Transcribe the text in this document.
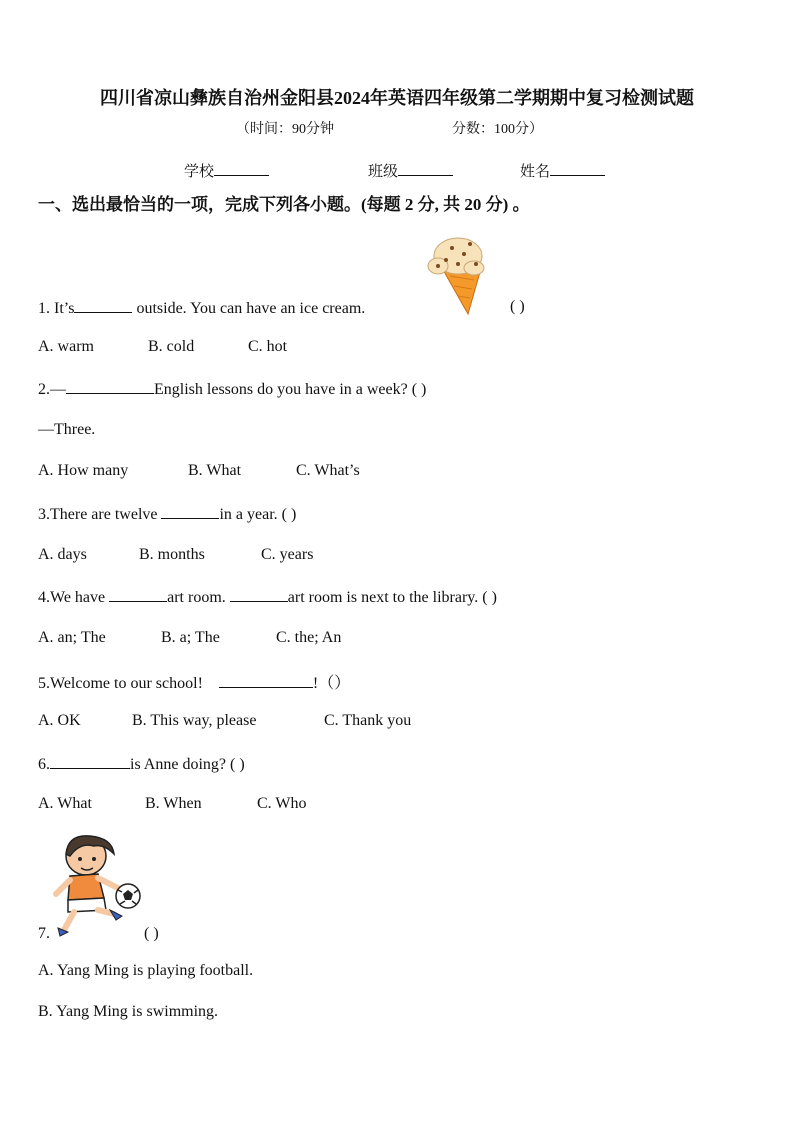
四川省凉山彝族自治州金阳县2024年英语四年级第二学期期中复习检测试题
（时间：90分钟	分数：100分）
学校	班级	姓名
一、选出最恰当的一项，完成下列各小题。(每题 2 分, 共 20 分) 。
1. It’s	outside. You can have an ice cream.	( )
A. warm	B. cold	C. hot
2.—	English lessons do you have in a week? ( )
—Three.
A. How many	B. What	C. What’s
3.There are twelve	in a year. ( )
A. days	B. months	C. years
4.We have	art room.	art room is next to the library. ( )
A. an; The	B. a; The	C. the; An
5.Welcome to our school!	!（）
A. OK	B. This way, please	C. Thank you
6.	is Anne doing? ( )
A. What	B. When	C. Who
7.	( )
A. Yang Ming is playing football.
B. Yang Ming is swimming.
